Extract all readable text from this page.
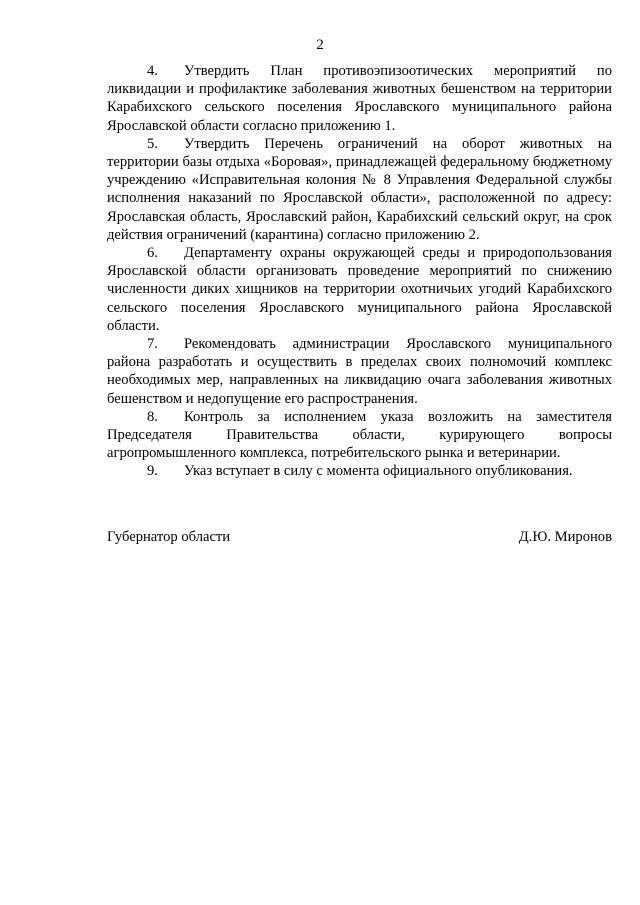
2

4. Утвердить План противоэпизоотических мероприятий по ликвидации и профилактике заболевания животных бешенством на территории Карабихского сельского поселения Ярославского муниципального района Ярославской области согласно приложению 1.

5. Утвердить Перечень ограничений на оборот животных на территории базы отдыха «Боровая», принадлежащей федеральному бюджетному учреждению «Исправительная колония № 8 Управления Федеральной службы исполнения наказаний по Ярославской области», расположенной по адресу: Ярославская область, Ярославский район, Карабихский сельский округ, на срок действия ограничений (карантина) согласно приложению 2.

6. Департаменту охраны окружающей среды и природопользования Ярославской области организовать проведение мероприятий по снижению численности диких хищников на территории охотничьих угодий Карабихского сельского поселения Ярославского муниципального района Ярославской области.

7. Рекомендовать администрации Ярославского муниципального района разработать и осуществить в пределах своих полномочий комплекс необходимых мер, направленных на ликвидацию очага заболевания животных бешенством и недопущение его распространения.

8. Контроль за исполнением указа возложить на заместителя Председателя Правительства области, курирующего вопросы агропромышленного комплекса, потребительского рынка и ветеринарии.

9. Указ вступает в силу с момента официального опубликования.

Губернатор области	Д.Ю. Миронов
